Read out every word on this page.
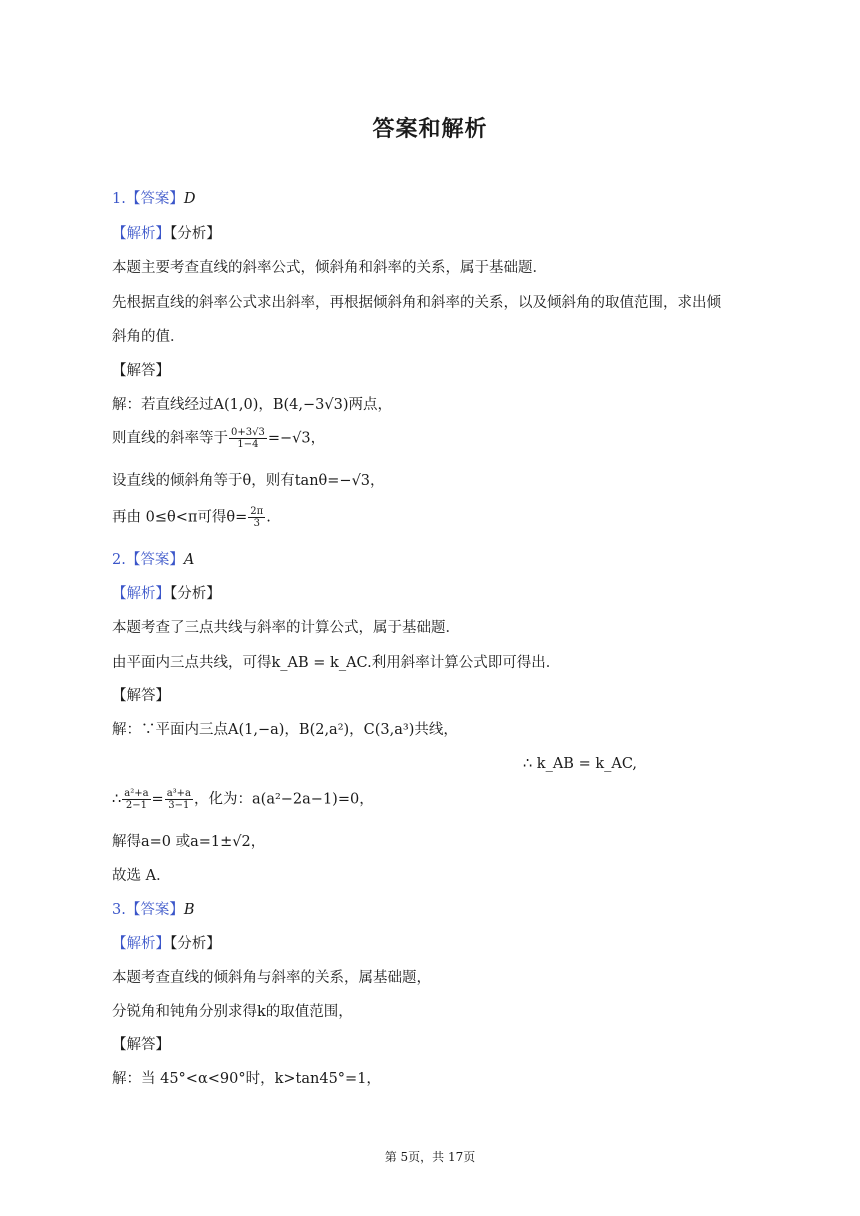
答案和解析
1.【答案】D
【解析】【分析】
本题主要考查直线的斜率公式，倾斜角和斜率的关系，属于基础题．
先根据直线的斜率公式求出斜率，再根据倾斜角和斜率的关系，以及倾斜角的取值范围，求出倾
斜角的值．
【解答】
解：若直线经过A(1,0)，B(4,−3√3)两点，
则直线的斜率等于 $\frac{0+3√3}{1-4} =-√3$，
设直线的倾斜角等于θ，则有tanθ=−√3，
再由 0≤θ<π可得$\theta= \frac{2\pi}{3}$ .
2.【答案】A
【解析】【分析】
本题考查了三点共线与斜率的计算公式，属于基础题．
由平面内三点共线，可得k_AB = k_AC.利用斜率计算公式即可得出．
【解答】
解：∵平面内三点A(1,−a)，B(2,a²)，C(3,a³)共线，
∴ k_AB = k_AC,
∴ $\frac{\text{a²+a}}{2-1} = \frac{\text{a³+a}}{3-1}$ ，化为：a(a²−2a−1)=0，
解得a=0 或a=1±√2，
故选 A．
3.【答案】B
【解析】【分析】
本题考查直线的倾斜角与斜率的关系，属基础题，
分锐角和钝角分别求得k的取值范围，
【解答】
解：当 45°<α<90°时，k>tan45°=1，
第 5页，共 17页
